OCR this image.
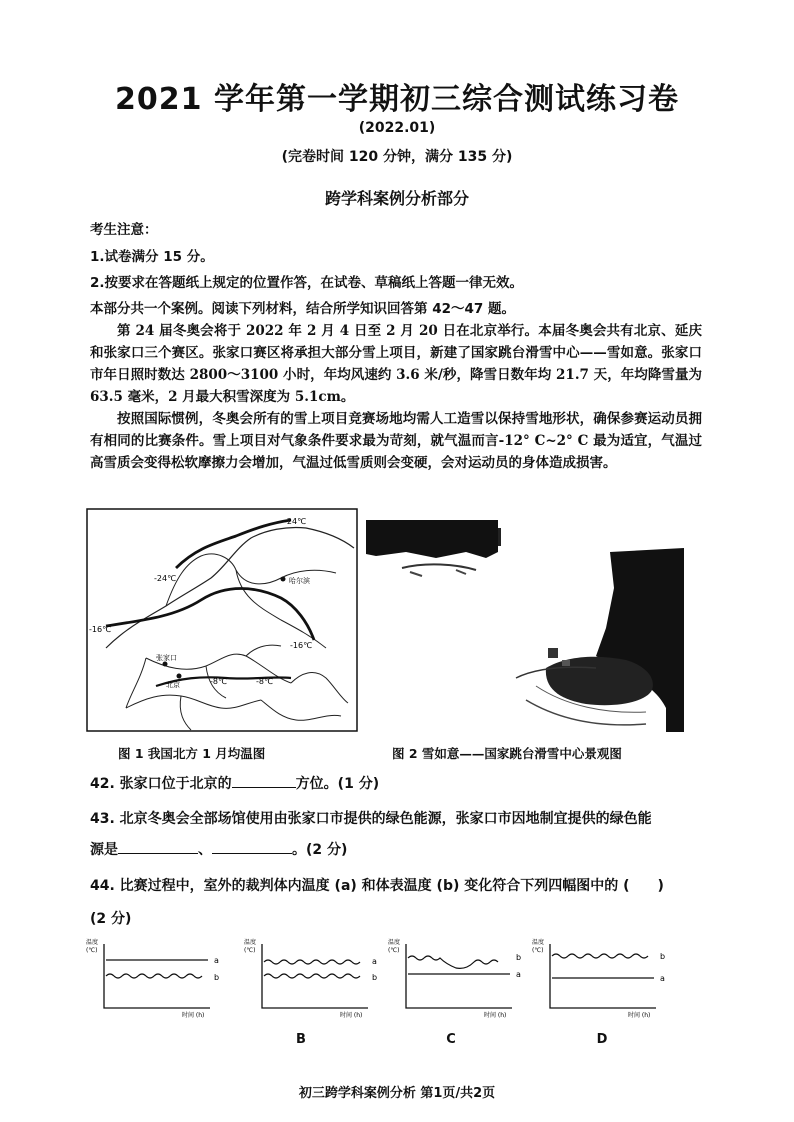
2021 学年第一学期初三综合测试练习卷
(2022.01)
(完卷时间 120 分钟，满分 135 分)
跨学科案例分析部分
考生注意：
1.试卷满分 15 分。
2.按要求在答题纸上规定的位置作答，在试卷、草稿纸上答题一律无效。
本部分共一个案例。阅读下列材料，结合所学知识回答第 42～47 题。

第 24 届冬奥会将于 2022 年 2 月 4 日至 2 月 20 日在北京举行。本届冬奥会共有北京、延庆和张家口三个赛区。张家口赛区将承担大部分雪上项目，新建了国家跳台滑雪中心——雪如意。张家口市年日照时数达 2800～3100 小时，年均风速约 3.6 米/秒，降雪日数年均 21.7 天，年均降雪量为 63.5 毫米，2 月最大积雪深度为 5.1cm。

按照国际惯例，冬奥会所有的雪上项目竞赛场地均需人工造雪以保持雪地形状，确保参赛运动员拥有相同的比赛条件。雪上项目对气象条件要求最为苛刻，就气温而言-12° C~2° C 最为适宜，气温过高雪质会变得松软摩擦力会增加，气温过低雪质则会变硬，会对运动员的身体造成损害。

-24℃
-24℃	哈尔滨
-16℃
-16℃
张家口
北京	-8℃	-8℃
图 1 我国北方 1 月均温图	图 2 雪如意——国家跳台滑雪中心景观图
42. 张家口位于北京的	方位。(1 分)
43. 北京冬奥会全部场馆使用由张家口市提供的绿色能源，张家口市因地制宜提供的绿色能
源是	、	。(2 分)
44. 比赛过程中，室外的裁判体内温度 (a) 和体表温度 (b) 变化符合下列四幅图中的 (　　)
(2 分)
温度
(℃)
a
b
时间 (h)
温度
(℃)
a
b
时间 (h)
温度
(℃)
b
a
时间 (h)
温度
(℃)
b
a
时间 (h)
B	C	D
初三跨学科案例分析 第1页/共2页
